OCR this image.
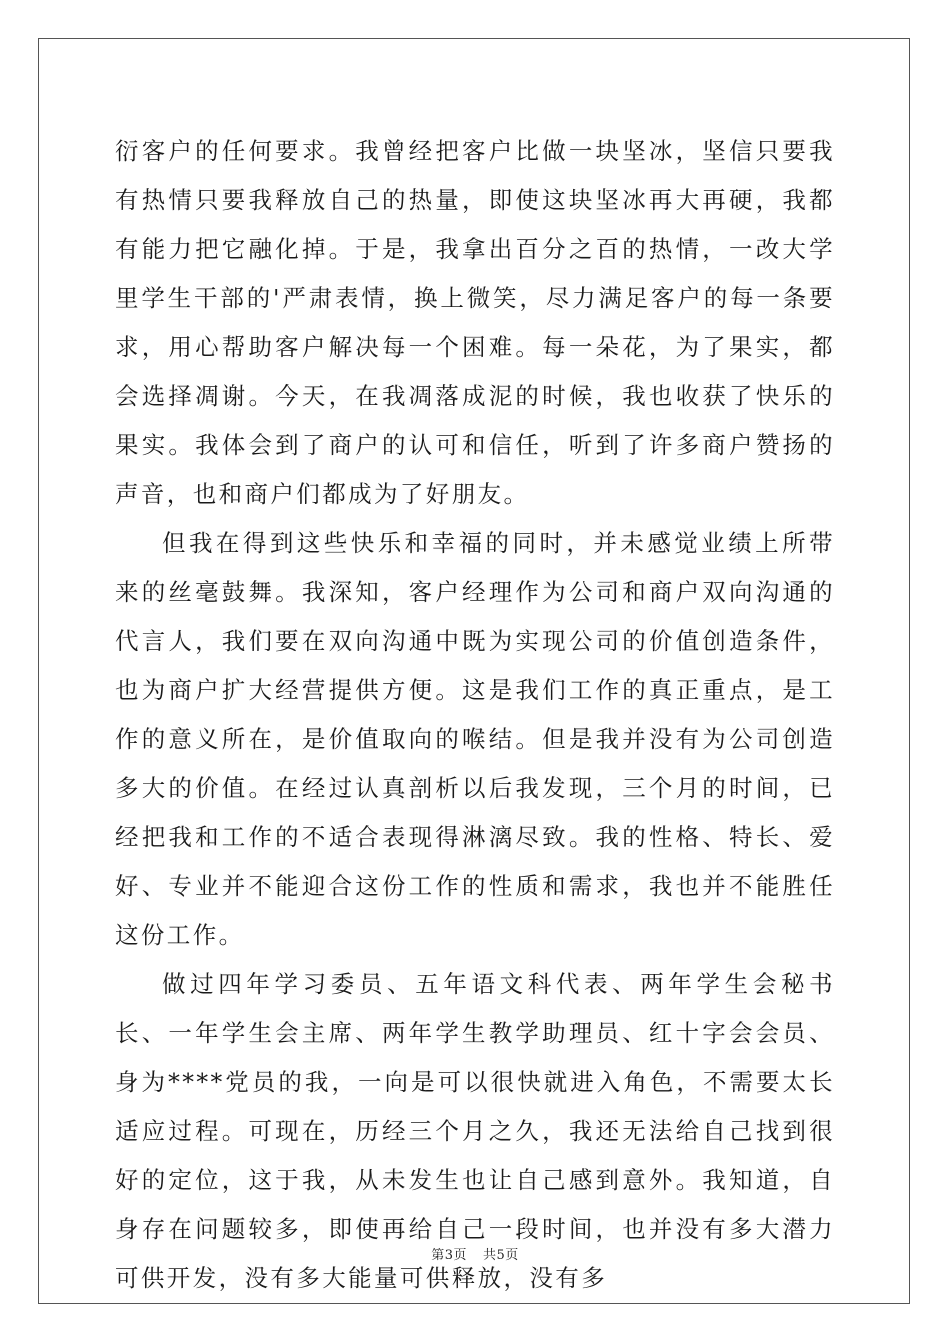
衍客户的任何要求。我曾经把客户比做一块坚冰，坚信只要我有热情只要我释放自己的热量，即使这块坚冰再大再硬，我都有能力把它融化掉。于是，我拿出百分之百的热情，一改大学里学生干部的'严肃表情，换上微笑，尽力满足客户的每一条要求，用心帮助客户解决每一个困难。每一朵花，为了果实，都会选择凋谢。今天，在我凋落成泥的时候，我也收获了快乐的果实。我体会到了商户的认可和信任，听到了许多商户赞扬的声音，也和商户们都成为了好朋友。

但我在得到这些快乐和幸福的同时，并未感觉业绩上所带来的丝毫鼓舞。我深知，客户经理作为公司和商户双向沟通的代言人，我们要在双向沟通中既为实现公司的价值创造条件，也为商户扩大经营提供方便。这是我们工作的真正重点，是工作的意义所在，是价值取向的喉结。但是我并没有为公司创造多大的价值。在经过认真剖析以后我发现，三个月的时间，已经把我和工作的不适合表现得淋漓尽致。我的性格、特长、爱好、专业并不能迎合这份工作的性质和需求，我也并不能胜任这份工作。

做过四年学习委员、五年语文科代表、两年学生会秘书长、一年学生会主席、两年学生教学助理员、红十字会会员、身为****党员的我，一向是可以很快就进入角色，不需要太长适应过程。可现在，历经三个月之久，我还无法给自己找到很好的定位，这于我，从未发生也让自己感到意外。我知道，自身存在问题较多，即使再给自己一段时间，也并没有多大潜力可供开发，没有多大能量可供释放，没有多

第3页 共5页
